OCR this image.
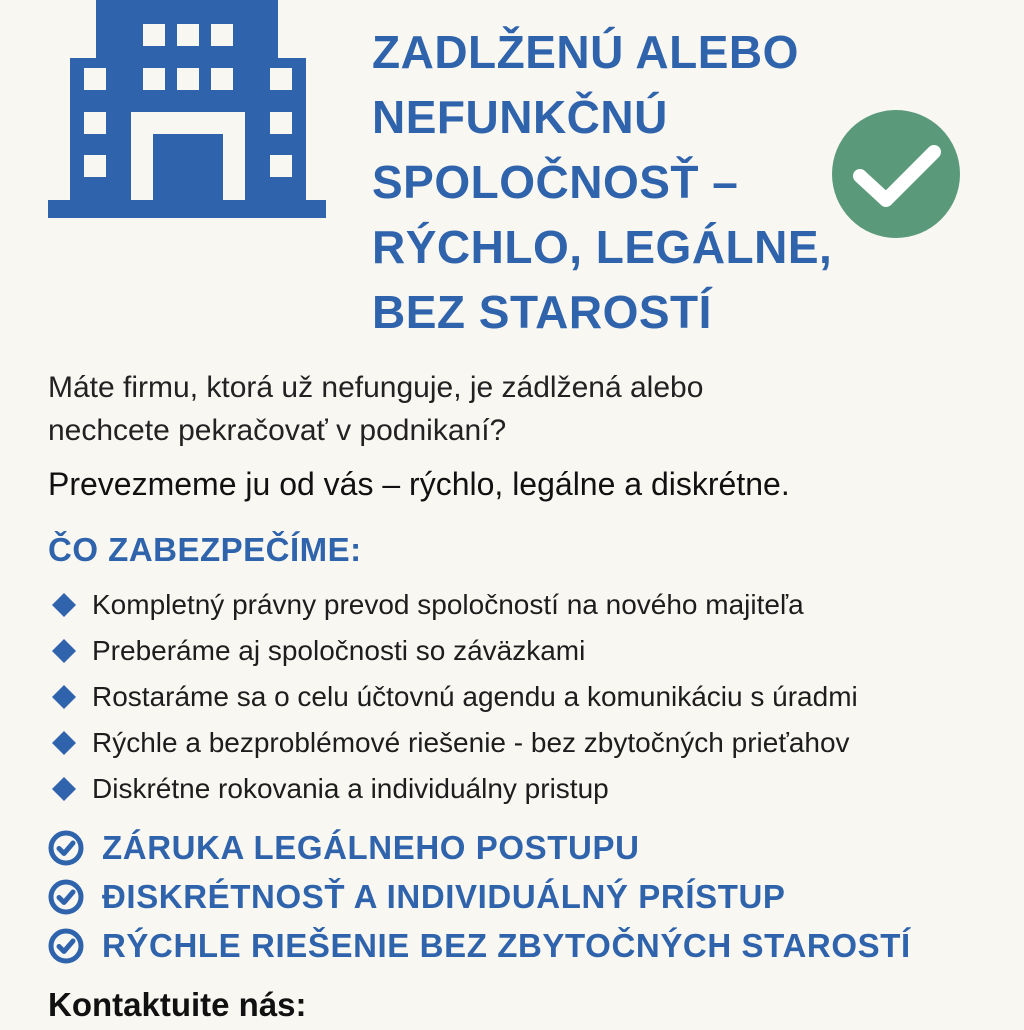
ZADLŽENÚ ALEBO
NEFUNKČNÚ
SPOLOČNOSŤ –
RÝCHLO, LEGÁLNE,
BEZ STAROSTÍ

Máte firmu, ktorá už nefunguje, je zádlžená alebo
nechcete pekračovať v podnikaní?

Prevezmeme ju od vás – rýchlo, legálne a diskrétne.

ČO ZABEZPEČÍME:
Kompletný právny prevod spoločností na nového majiteľa
Preberáme aj spoločnosti so záväzkami
Rostaráme sa o celu účtovnú agendu a komunikáciu s úradmi
Rýchle a bezproblémové riešenie - bez zbytočných prieťahov
Diskrétne rokovania a individuálny pristup
ZÁRUKA LEGÁLNEHO POSTUPU
ĐISKRÉTNOSŤ A INDIVIDUÁLNÝ PRÍSTUP
RÝCHLE RIEŠENIE BEZ ZBYTOČNÝCH STAROSTÍ

Kontaktuite nás:
